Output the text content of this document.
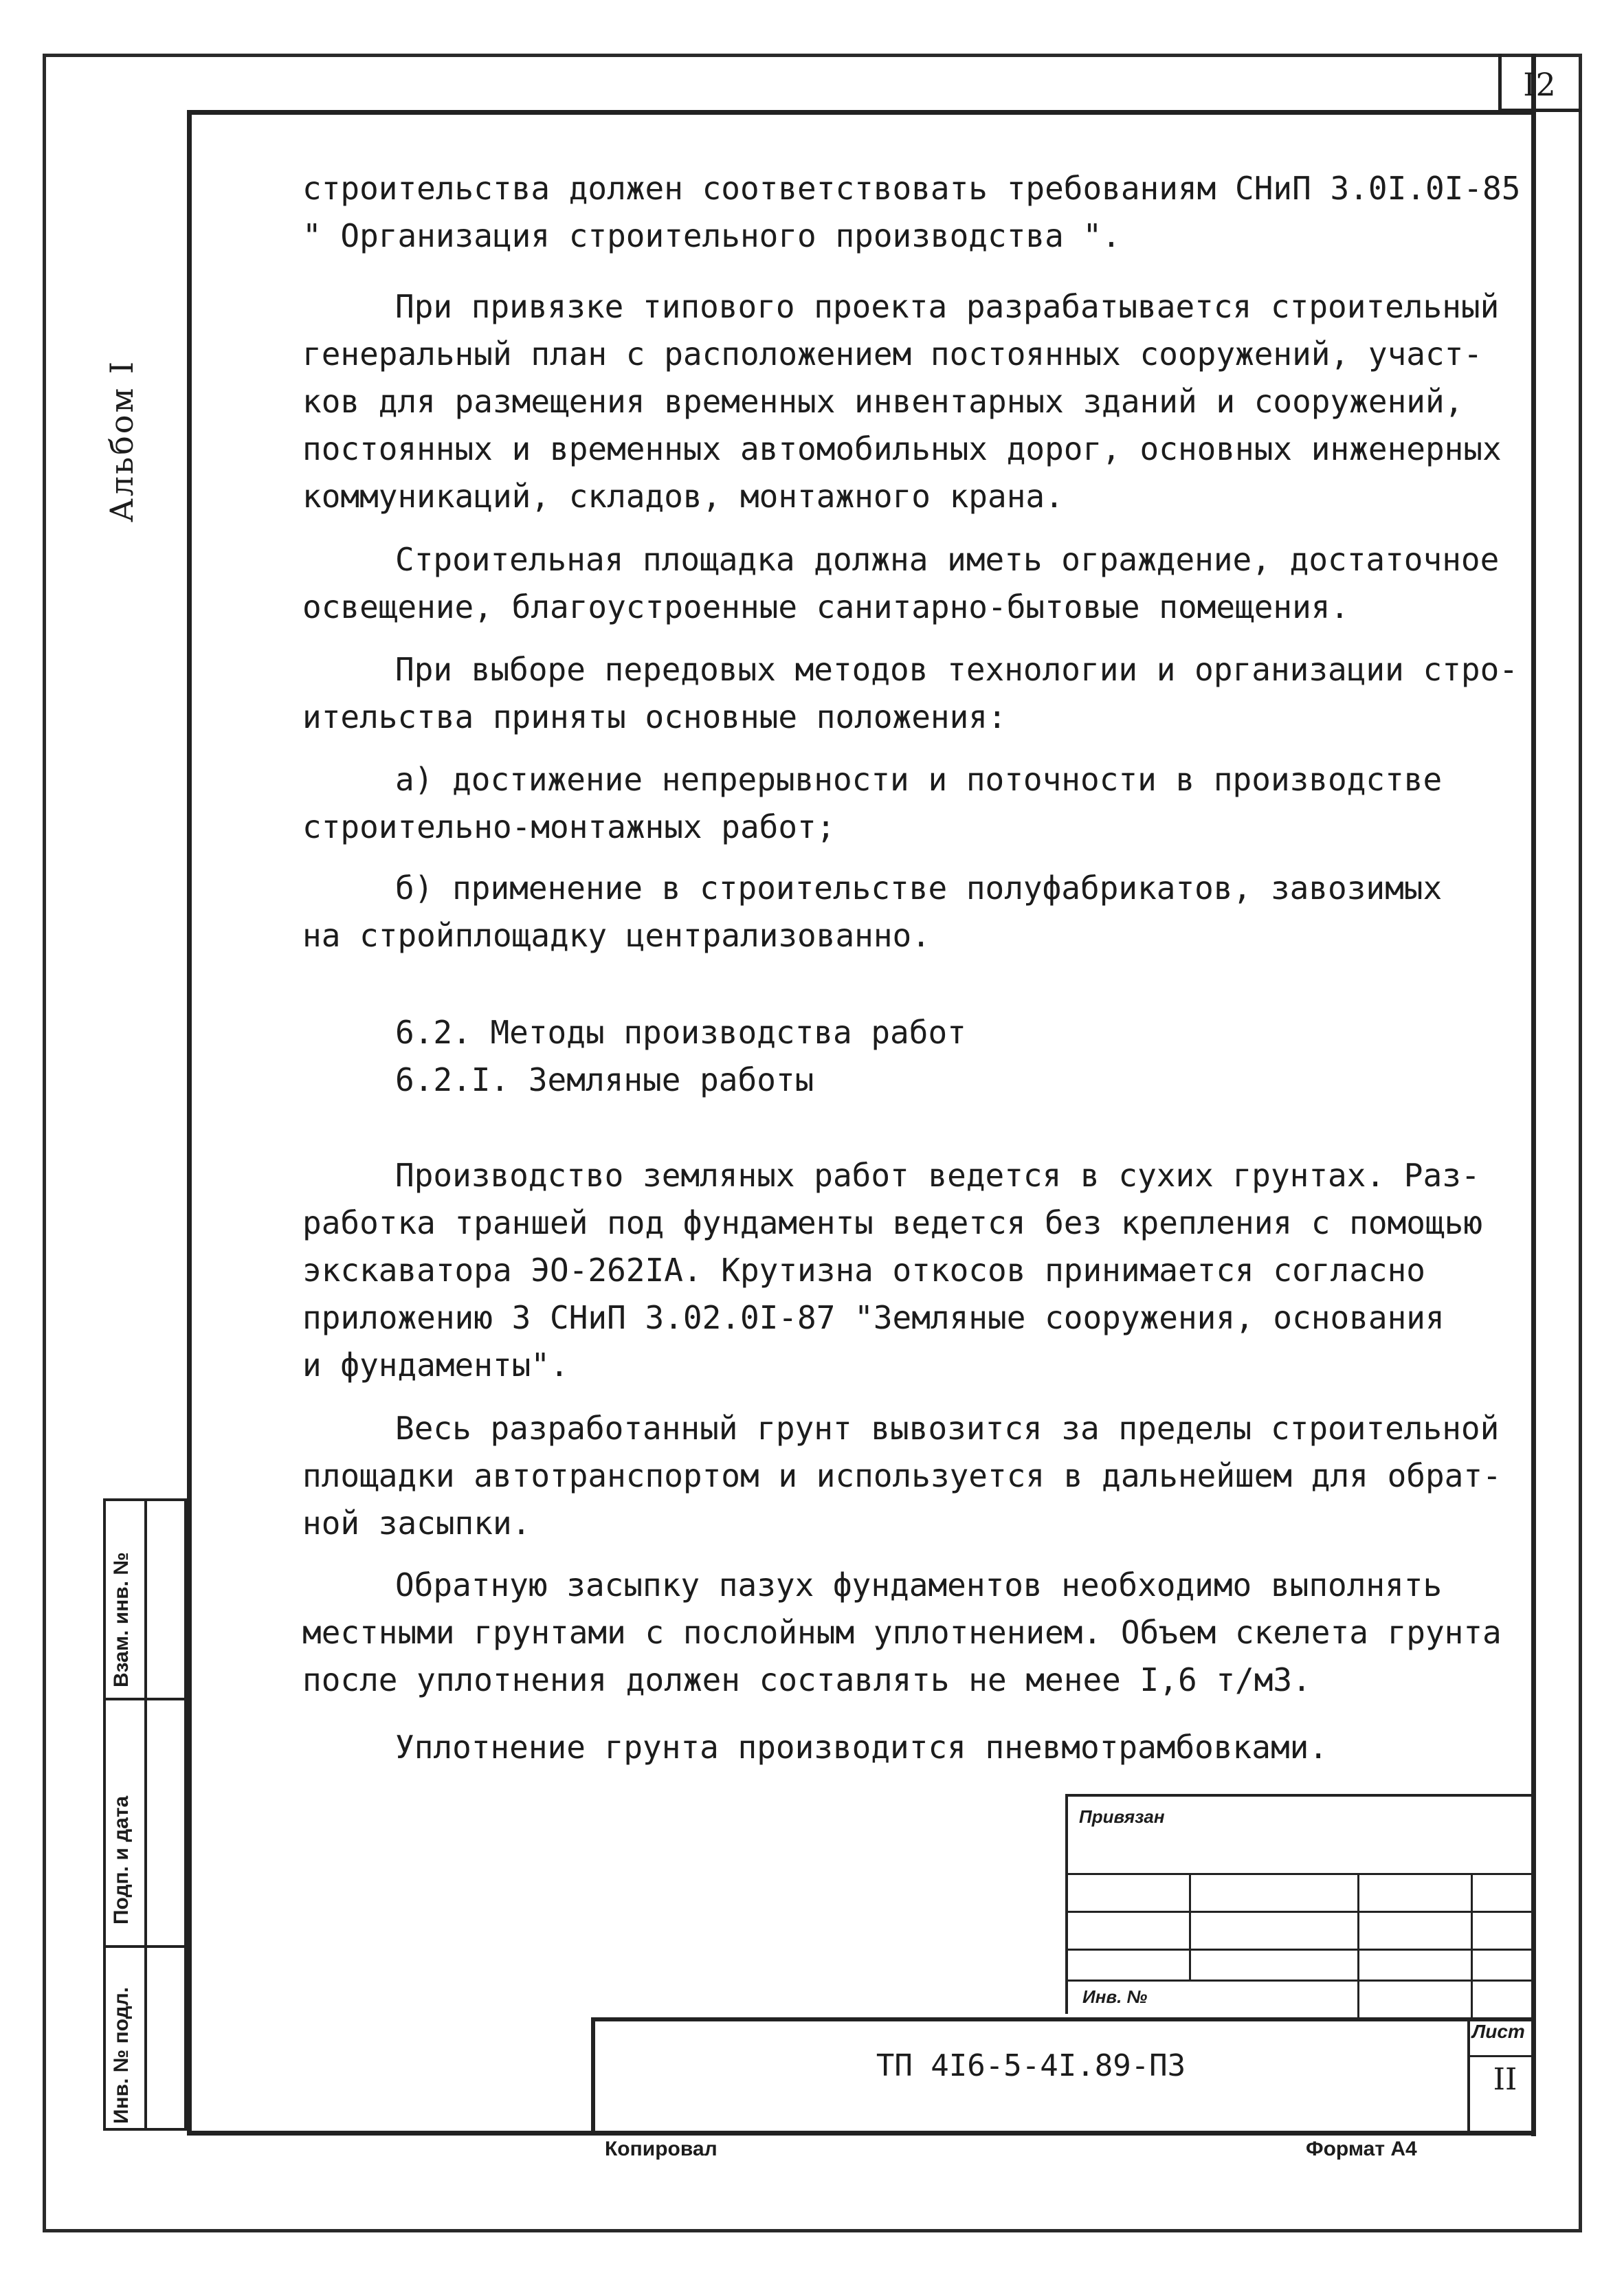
I2
Альбом I
строительства должен соответствовать требованиям СНиП 3.0I.0I-85
" Организация строительного производства ".
При привязке типового проекта разрабатывается строительный
генеральный план с расположением постоянных сооружений, участ-
ков для размещения временных инвентарных зданий и сооружений,
постоянных и временных автомобильных дорог, основных инженерных
коммуникаций, складов, монтажного крана.
Строительная площадка должна иметь ограждение, достаточное
освещение, благоустроенные санитарно-бытовые помещения.
При выборе передовых методов технологии и организации стро-
ительства приняты основные положения:
а) достижение непрерывности и поточности в производстве
строительно-монтажных работ;
б) применение в строительстве полуфабрикатов, завозимых
на стройплощадку централизованно.
6.2. Методы производства работ
6.2.I. Земляные работы
Производство земляных работ ведется в сухих грунтах. Раз-
работка траншей под фундаменты ведется без крепления с помощью
экскаватора ЭО-262IА. Крутизна откосов принимается согласно
приложению 3 СНиП 3.02.0I-87 "Земляные сооружения, основания
и фундаменты".
Весь разработанный грунт вывозится за пределы строительной
площадки автотранспортом и используется в дальнейшем для обрат-
ной засыпки.
Обратную засыпку пазух фундаментов необходимо выполнять
местными грунтами с послойным уплотнением. Объем скелета грунта
после уплотнения должен составлять не менее I,6 т/м3.
Уплотнение грунта производится пневмотрамбовками.
Взам. инв. №
Подп. и дата
Инв. № подл.
Привязан
Инв. №
ТП 4I6-5-4I.89-ПЗ
Лист
II
Копировал	Формат А4
